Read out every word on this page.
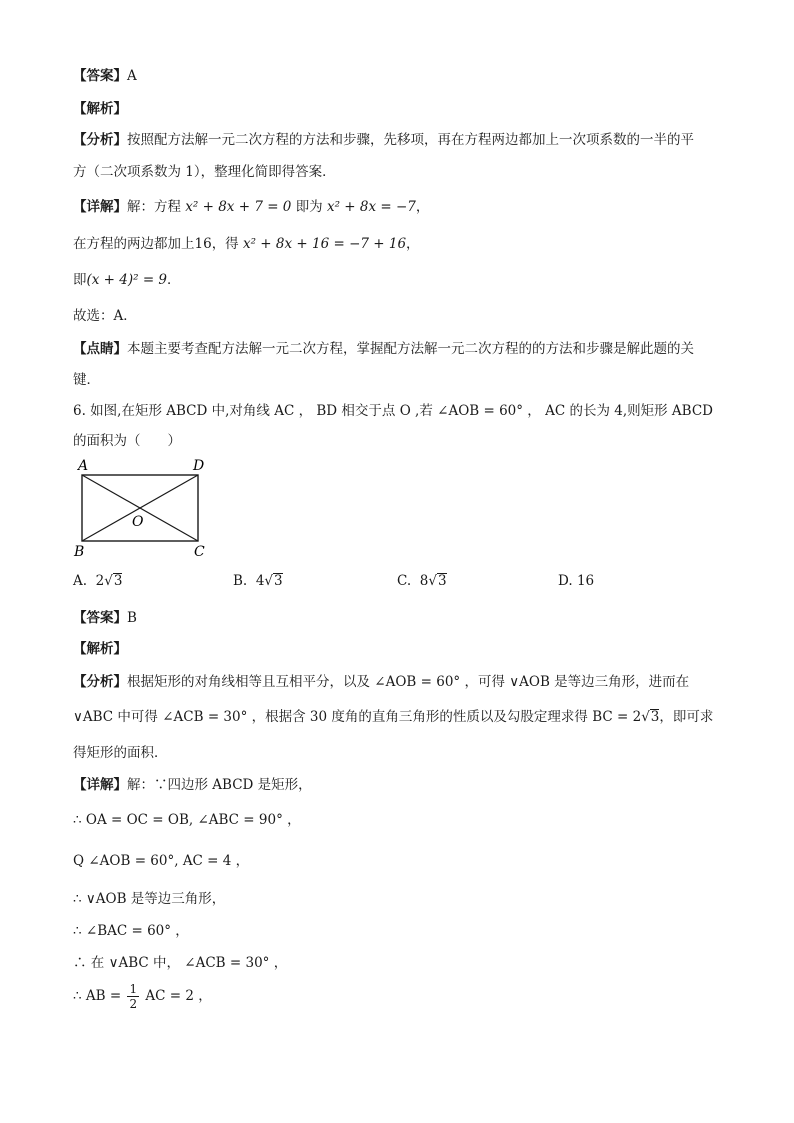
【答案】A
【解析】
【分析】按照配方法解一元二次方程的方法和步骤，先移项，再在方程两边都加上一次项系数的一半的平
方（二次项系数为 1），整理化简即得答案．
【详解】解：方程 x² + 8x + 7 = 0 即为 x² + 8x = −7，
在方程的两边都加上16，得 x² + 8x + 16 = −7 + 16，
即(x + 4)² = 9．
故选：A．
【点睛】本题主要考查配方法解一元二次方程，掌握配方法解一元二次方程的的方法和步骤是解此题的关
键．
6. 如图,在矩形 ABCD 中,对角线 AC ， BD 相交于点 O ,若 ∠AOB = 60° ， AC 的长为 4,则矩形 ABCD
的面积为（　　）
A	D
B	C
O
A. 2√3	B. 4√3	C. 8√3	D. 16
【答案】B
【解析】
【分析】根据矩形的对角线相等且互相平分，以及 ∠AOB = 60° ，可得 ∨AOB 是等边三角形，进而在
∨ABC 中可得 ∠ACB = 30° ，根据含 30 度角的直角三角形的性质以及勾股定理求得 BC = 2√3，即可求
得矩形的面积．
【详解】解：∵四边形 ABCD 是矩形，
∴ OA = OC = OB, ∠ABC = 90° ，
Q ∠AOB = 60°, AC = 4 ，
∴ ∨AOB 是等边三角形，
∴ ∠BAC = 60° ，
∴ 在 ∨ABC 中， ∠ACB = 30° ，
∴ AB = $\frac{1}{2}$ AC = 2 ，
